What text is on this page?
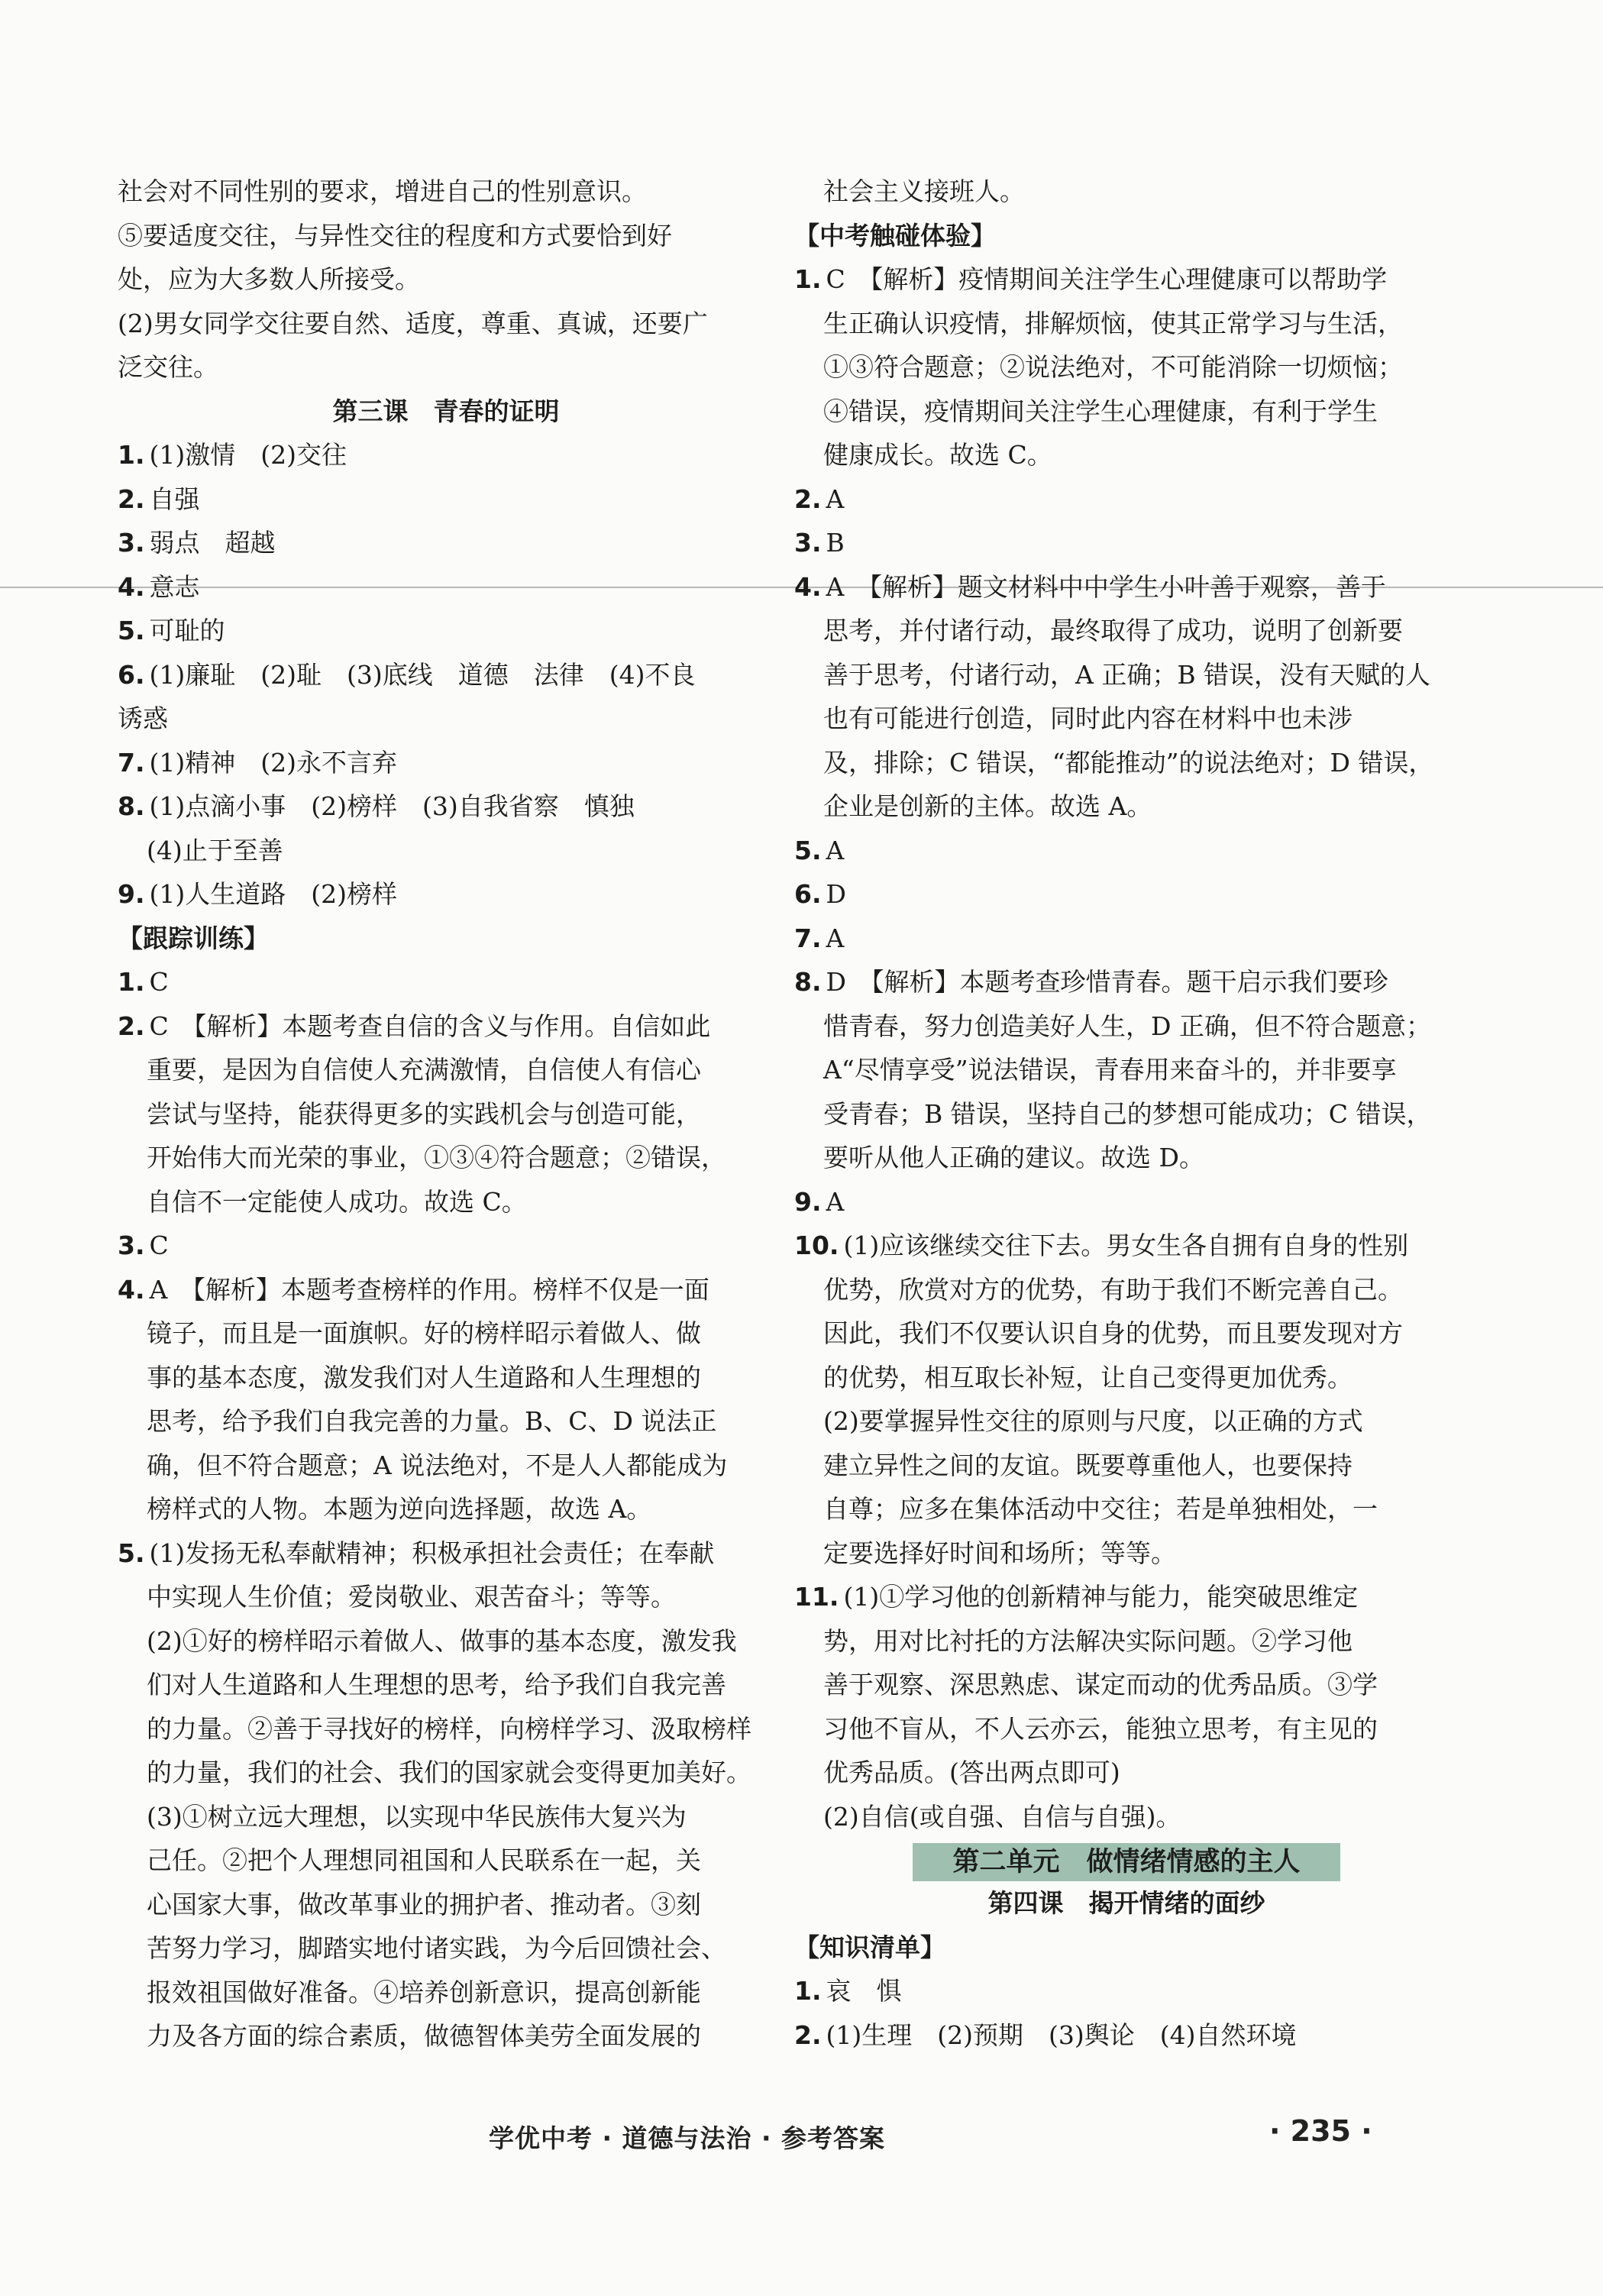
社会对不同性别的要求，增进自己的性别意识。
⑤要适度交往，与异性交往的程度和方式要恰到好
处，应为大多数人所接受。
(2)男女同学交往要自然、适度，尊重、真诚，还要广
泛交往。
第三课　青春的证明
1. (1)激情　(2)交往
2. 自强
3. 弱点　超越
4. 意志
5. 可耻的
6. (1)廉耻　(2)耻　(3)底线　道德　法律　(4)不良
诱惑
7. (1)精神　(2)永不言弃
8. (1)点滴小事　(2)榜样　(3)自我省察　慎独
(4)止于至善
9. (1)人生道路　(2)榜样
【跟踪训练】
1. C
2. C　【解析】本题考查自信的含义与作用。自信如此
重要，是因为自信使人充满激情，自信使人有信心
尝试与坚持，能获得更多的实践机会与创造可能，
开始伟大而光荣的事业，①③④符合题意；②错误，
自信不一定能使人成功。故选 C。
3. C
4. A　【解析】本题考查榜样的作用。榜样不仅是一面
镜子，而且是一面旗帜。好的榜样昭示着做人、做
事的基本态度，激发我们对人生道路和人生理想的
思考，给予我们自我完善的力量。B、C、D 说法正
确，但不符合题意；A 说法绝对，不是人人都能成为
榜样式的人物。本题为逆向选择题，故选 A。
5. (1)发扬无私奉献精神；积极承担社会责任；在奉献
中实现人生价值；爱岗敬业、艰苦奋斗；等等。
(2)①好的榜样昭示着做人、做事的基本态度，激发我
们对人生道路和人生理想的思考，给予我们自我完善
的力量。②善于寻找好的榜样，向榜样学习、汲取榜样
的力量，我们的社会、我们的国家就会变得更加美好。
(3)①树立远大理想，以实现中华民族伟大复兴为
己任。②把个人理想同祖国和人民联系在一起，关
心国家大事，做改革事业的拥护者、推动者。③刻
苦努力学习，脚踏实地付诸实践，为今后回馈社会、
报效祖国做好准备。④培养创新意识，提高创新能
力及各方面的综合素质，做德智体美劳全面发展的
社会主义接班人。
【中考触碰体验】
1. C　【解析】疫情期间关注学生心理健康可以帮助学
生正确认识疫情，排解烦恼，使其正常学习与生活，
①③符合题意；②说法绝对，不可能消除一切烦恼；
④错误，疫情期间关注学生心理健康，有利于学生
健康成长。故选 C。
2. A
3. B
4. A　【解析】题文材料中中学生小叶善于观察，善于
思考，并付诸行动，最终取得了成功，说明了创新要
善于思考，付诸行动，A 正确；B 错误，没有天赋的人
也有可能进行创造，同时此内容在材料中也未涉
及，排除；C 错误，“都能推动”的说法绝对；D 错误，
企业是创新的主体。故选 A。
5. A
6. D
7. A
8. D　【解析】本题考查珍惜青春。题干启示我们要珍
惜青春，努力创造美好人生，D 正确，但不符合题意；
A“尽情享受”说法错误，青春用来奋斗的，并非要享
受青春；B 错误，坚持自己的梦想可能成功；C 错误，
要听从他人正确的建议。故选 D。
9. A
10. (1)应该继续交往下去。男女生各自拥有自身的性别
优势，欣赏对方的优势，有助于我们不断完善自己。
因此，我们不仅要认识自身的优势，而且要发现对方
的优势，相互取长补短，让自己变得更加优秀。
(2)要掌握异性交往的原则与尺度，以正确的方式
建立异性之间的友谊。既要尊重他人，也要保持
自尊；应多在集体活动中交往；若是单独相处，一
定要选择好时间和场所；等等。
11. (1)①学习他的创新精神与能力，能突破思维定
势，用对比衬托的方法解决实际问题。②学习他
善于观察、深思熟虑、谋定而动的优秀品质。③学
习他不盲从，不人云亦云，能独立思考，有主见的
优秀品质。(答出两点即可)
(2)自信(或自强、自信与自强)。
第二单元　做情绪情感的主人
第四课　揭开情绪的面纱
【知识清单】
1. 哀　惧
2. (1)生理　(2)预期　(3)舆论　(4)自然环境
学优中考 · 道德与法治 · 参考答案	· 235 ·
